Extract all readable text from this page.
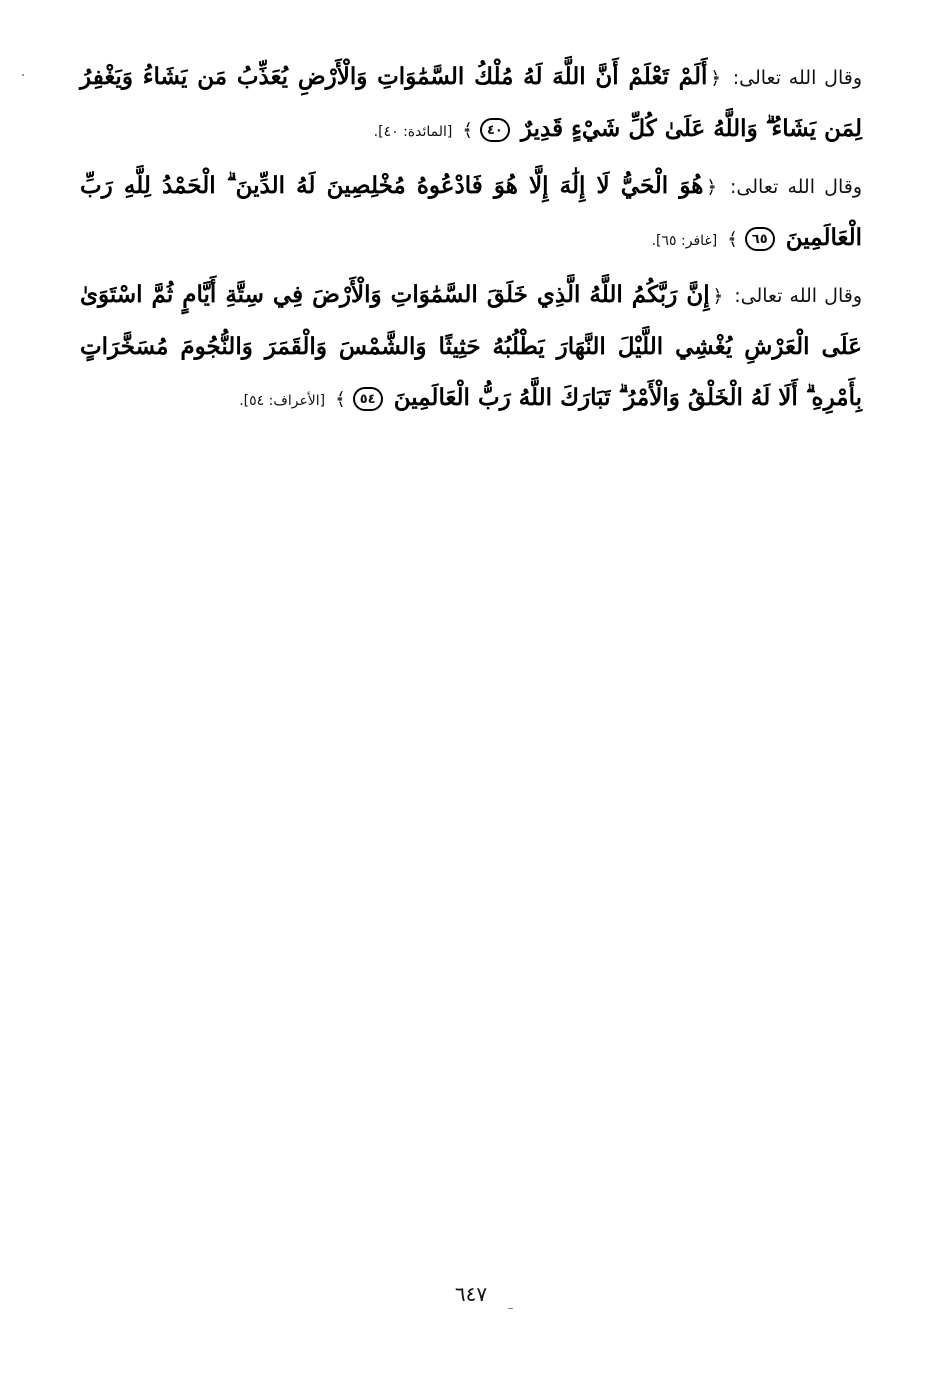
وقال الله تعالى: ﴿أَلَمْ تَعْلَمْ أَنَّ اللَّهَ لَهُ مُلْكُ السَّمَٰوَاتِ وَالْأَرْضِ يُعَذِّبُ مَن يَشَاءُ وَيَغْفِرُ لِمَن يَشَاءُ ۗ وَاللَّهُ عَلَىٰ كُلِّ شَيْءٍ قَدِيرٌ ٤٠﴾ [المائدة: ٤٠].

وقال الله تعالى: ﴿هُوَ الْحَيُّ لَا إِلَٰهَ إِلَّا هُوَ فَادْعُوهُ مُخْلِصِينَ لَهُ الدِّينَ ۗ الْحَمْدُ لِلَّهِ رَبِّ الْعَالَمِينَ ٦٥﴾ [غافر: ٦٥].

وقال الله تعالى: ﴿إِنَّ رَبَّكُمُ اللَّهُ الَّذِي خَلَقَ السَّمَٰوَاتِ وَالْأَرْضَ فِي سِتَّةِ أَيَّامٍ ثُمَّ اسْتَوَىٰ عَلَى الْعَرْشِ يُغْشِي اللَّيْلَ النَّهَارَ يَطْلُبُهُ حَثِيثًا وَالشَّمْسَ وَالْقَمَرَ وَالنُّجُومَ مُسَخَّرَاتٍ بِأَمْرِهِ ۗ أَلَا لَهُ الْخَلْقُ وَالْأَمْرُ ۗ تَبَارَكَ اللَّهُ رَبُّ الْعَالَمِينَ ٥٤﴾ [الأعراف: ٥٤].

٦٤٧
